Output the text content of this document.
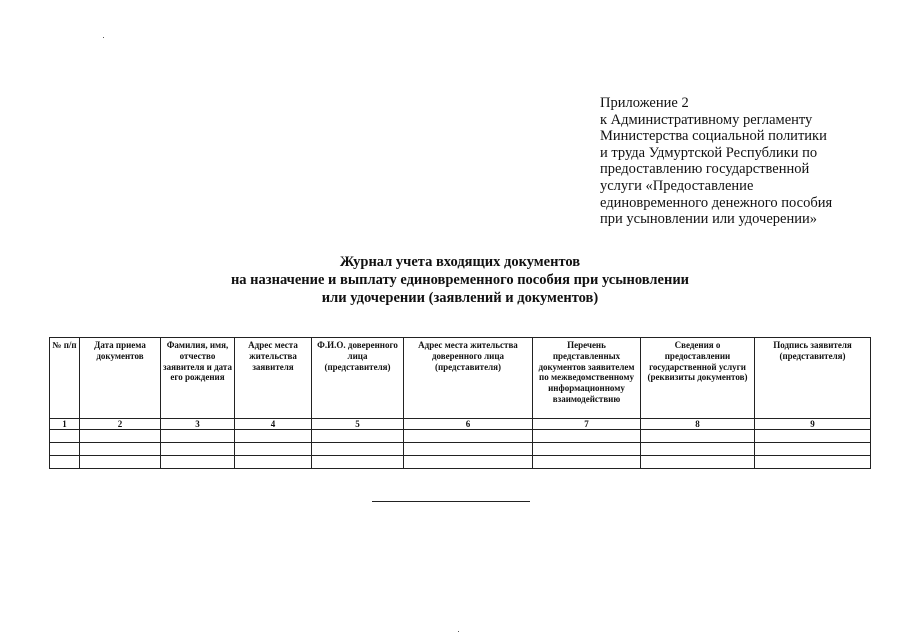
Приложение 2
к Административному регламенту
Министерства социальной политики
и труда Удмуртской Республики по
предоставлению государственной
услуги «Предоставление
единовременного денежного пособия
при усыновлении или удочерении»
Журнал учета входящих документов
на назначение и выплату единовременного пособия при усыновлении
или удочерении (заявлений и документов)
№ п/п	Дата приема документов	Фамилия, имя, отчество заявителя и дата его рождения	Адрес места жительства заявителя	Ф.И.О. доверенного лица (представителя)	Адрес места жительства доверенного лица (представителя)	Перечень представленных документов заявителем по межведомственному информационному взаимодействию	Сведения о предоставлении государственной услуги (реквизиты документов)	Подпись заявителя (представителя)
1	2	3	4	5	6	7	8	9
